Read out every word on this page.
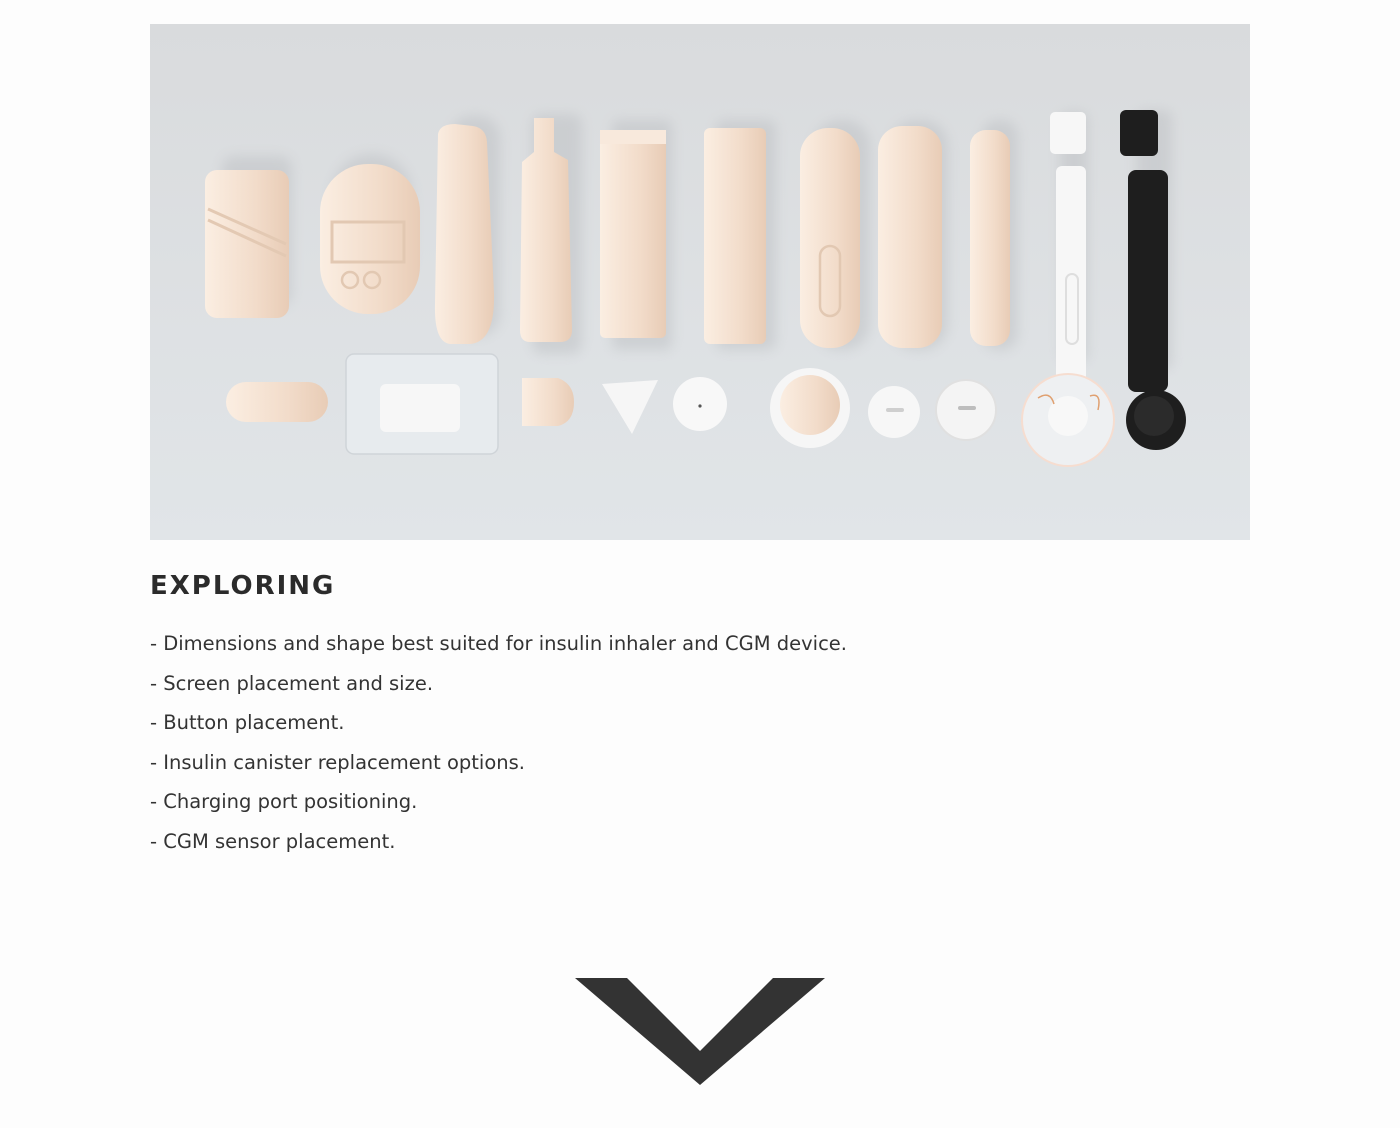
EXPLORING
- Dimensions and shape best suited for insulin inhaler and CGM device.
- Screen placement and size.
- Button placement.
- Insulin canister replacement options.
- Charging port positioning.
- CGM sensor placement.
